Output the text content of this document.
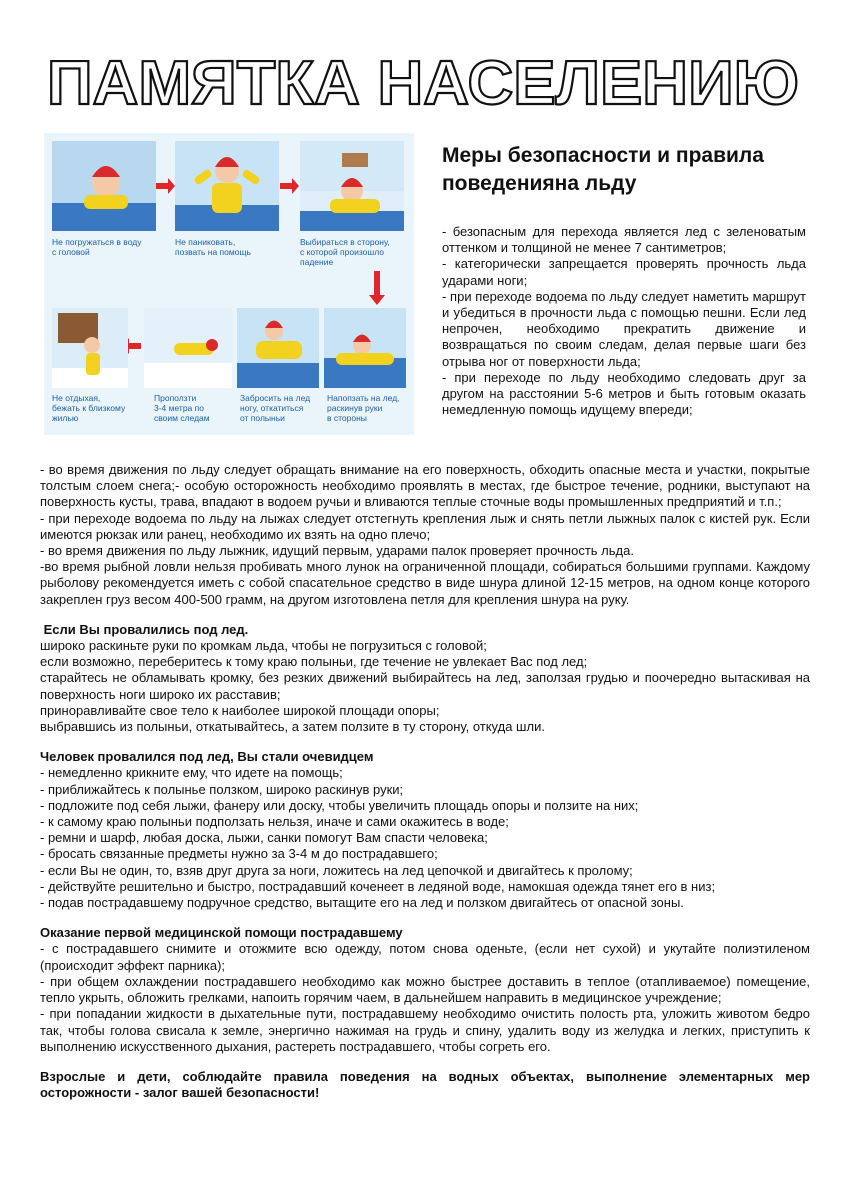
ПАМЯТКА НАСЕЛЕНИЮ
Не погружаться в воду с головой
Не паниковать, позвать на помощь
Выбираться в сторону, с которой произошло падение
Не отдыхая, бежать к близкому жилью
Проползти 3-4 метра по своим следам
Забросить на лед ногу, откатиться от полыньи
Напопзать на лед, раскинув руки в стороны
Меры безопасности и правила поведенияна льду

- безопасным для перехода является лед с зеленоватым оттенком и толщиной не менее 7 сантиметров;

- категорически запрещается проверять прочность льда ударами ноги;

- при переходе водоема по льду следует наметить маршрут и убедиться в прочности льда с помощью пешни. Если лед непрочен, необходимо прекратить движение и возвращаться по своим следам, делая первые шаги без отрыва ног от поверхности льда;

- при переходе по льду необходимо следовать друг за другом на расстоянии 5-6 метров и быть готовым оказать немедленную помощь идущему впереди;

- во время движения по льду следует обращать внимание на его поверхность, обходить опасные места и участки, покрытые толстым слоем снега;- особую осторожность необходимо проявлять в местах, где быстрое течение, родники, выступают на поверхность кусты, трава, впадают в водоем ручьи и вливаются теплые сточные воды промышленных предприятий и т.п.;

- при переходе водоема по льду на лыжах следует отстегнуть крепления лыж и снять петли лыжных палок с кистей рук. Если имеются рюкзак или ранец, необходимо их взять на одно плечо;

- во время движения по льду лыжник, идущий первым, ударами палок проверяет прочность льда.

-во время рыбной ловли нельзя пробивать много лунок на ограниченной площади, собираться большими группами. Каждому рыболову рекомендуется иметь с собой спасательное средство в виде шнура длиной 12-15 метров, на одном конце которого закреплен груз весом 400-500 грамм, на другом изготовлена петля для крепления шнура на руку.

Если Вы провалились под лед.

широко раскиньте руки по кромкам льда, чтобы не погрузиться с головой;

если возможно, переберитесь к тому краю полыньи, где течение не увлекает Вас под лед;

старайтесь не обламывать кромку, без резких движений выбирайтесь на лед, заползая грудью и поочередно вытаскивая на поверхность ноги широко их расставив;

приноравливайте свое тело к наиболее широкой площади опоры;

выбравшись из полыньи, откатывайтесь, а затем ползите в ту сторону, откуда шли.

Человек провалился под лед, Вы стали очевидцем

- немедленно крикните ему, что идете на помощь;

- приближайтесь к полынье ползком, широко раскинув руки;

- подложите под себя лыжи, фанеру или доску, чтобы увеличить площадь опоры и ползите на них;

- к самому краю полыньи подползать нельзя, иначе и сами окажитесь в воде;

- ремни и шарф, любая доска, лыжи, санки помогут Вам спасти человека;

- бросать связанные предметы нужно за 3-4 м до пострадавшего;

- если Вы не один, то, взяв друг друга за ноги, ложитесь на лед цепочкой и двигайтесь к пролому;

- действуйте решительно и быстро, пострадавший коченеет в ледяной воде, намокшая одежда тянет его в низ;

- подав пострадавшему подручное средство, вытащите его на лед и ползком двигайтесь от опасной зоны.

Оказание первой медицинской помощи пострадавшему

- с пострадавшего снимите и отожмите всю одежду, потом снова оденьте, (если нет сухой) и укутайте полиэтиленом (происходит эффект парника);

- при общем охлаждении пострадавшего необходимо как можно быстрее доставить в теплое (отапливаемое) помещение, тепло укрыть, обложить грелками, напоить горячим чаем, в дальнейшем направить в медицинское учреждение;

- при попадании жидкости в дыхательные пути, пострадавшему необходимо очистить полость рта, уложить животом бедро так, чтобы голова свисала к земле, энергично нажимая на грудь и спину, удалить воду из желудка и легких, приступить к выполнению искусственного дыхания, растереть пострадавшего, чтобы согреть его.

Взрослые и дети, соблюдайте правила поведения на водных объектах, выполнение элементарных мер осторожности - залог вашей безопасности!
